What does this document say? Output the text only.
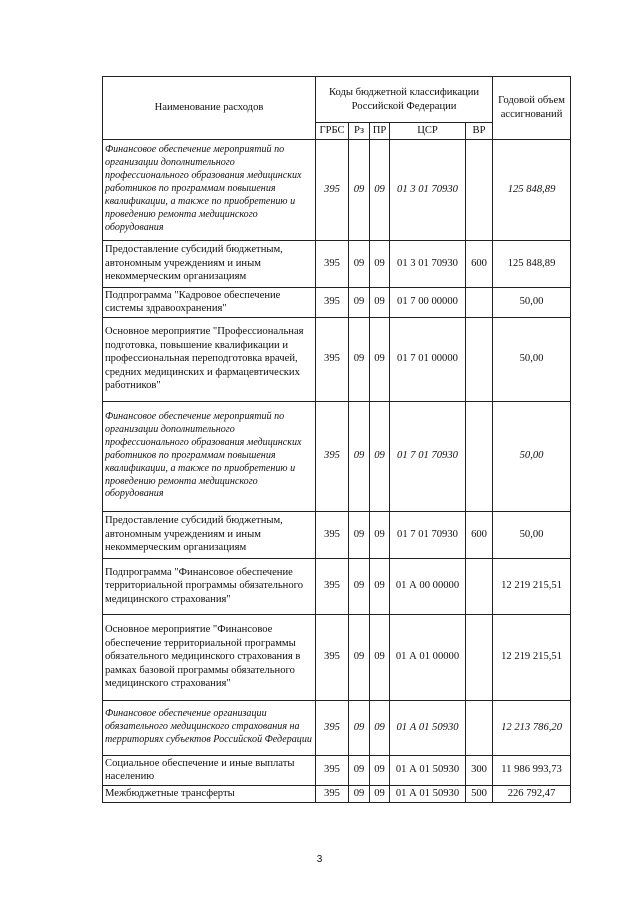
Наименование расходов	Коды бюджетной классификации Российской Федерации					Годовой объем ассигнований
	ГРБС	Рз	ПР	ЦСР	ВР	
Финансовое обеспечение мероприятий по организации дополнительного профессионального образования медицинских работников по программам повышения квалификации, а также по приобретению и проведению ремонта медицинского оборудования	395	09	09	01 3 01 70930		125 848,89
Предоставление субсидий бюджетным, автономным учреждениям и иным некоммерческим организациям	395	09	09	01 3 01 70930	600	125 848,89
Подпрограмма "Кадровое обеспечение системы здравоохранения"	395	09	09	01 7 00 00000		50,00
Основное мероприятие "Профессиональная подготовка, повышение квалификации и профессиональная переподготовка врачей, средних медицинских и фармацевтических работников"	395	09	09	01 7 01 00000		50,00
Финансовое обеспечение мероприятий по организации дополнительного профессионального образования медицинских работников по программам повышения квалификации, а также по приобретению и проведению ремонта медицинского оборудования	395	09	09	01 7 01 70930		50,00
Предоставление субсидий бюджетным, автономным учреждениям и иным некоммерческим организациям	395	09	09	01 7 01 70930	600	50,00
Подпрограмма "Финансовое обеспечение территориальной программы обязательного медицинского страхования"	395	09	09	01 А 00 00000		12 219 215,51
Основное мероприятие "Финансовое обеспечение территориальной программы обязательного медицинского страхования в рамках базовой программы обязательного медицинского страхования"	395	09	09	01 А 01 00000		12 219 215,51
Финансовое обеспечение организации обязательного медицинского страхования на территориях субъектов Российской Федерации	395	09	09	01 А 01 50930		12 213 786,20
Социальное обеспечение и иные выплаты населению	395	09	09	01 А 01 50930	300	11 986 993,73
Межбюджетные трансферты	395	09	09	01 А 01 50930	500	226 792,47
3
